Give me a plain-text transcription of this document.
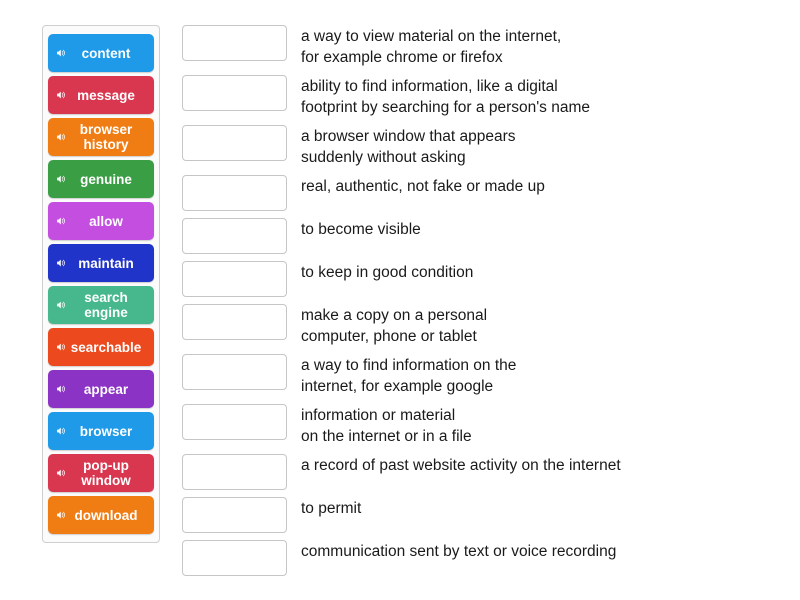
content
message
browser
history
genuine
allow
maintain
search
engine
searchable
appear
browser
pop-up
window
download
a way to view material on the internet,
for example chrome or firefox
ability to find information, like a digital
footprint by searching for a person's name
a browser window that appears
suddenly without asking
real, authentic, not fake or made up
to become visible
to keep in good condition
make a copy on a personal
computer, phone or tablet
a way to find information on the
internet, for example google
information or material
on the internet or in a file
a record of past website activity on the internet
to permit
communication sent by text or voice recording
